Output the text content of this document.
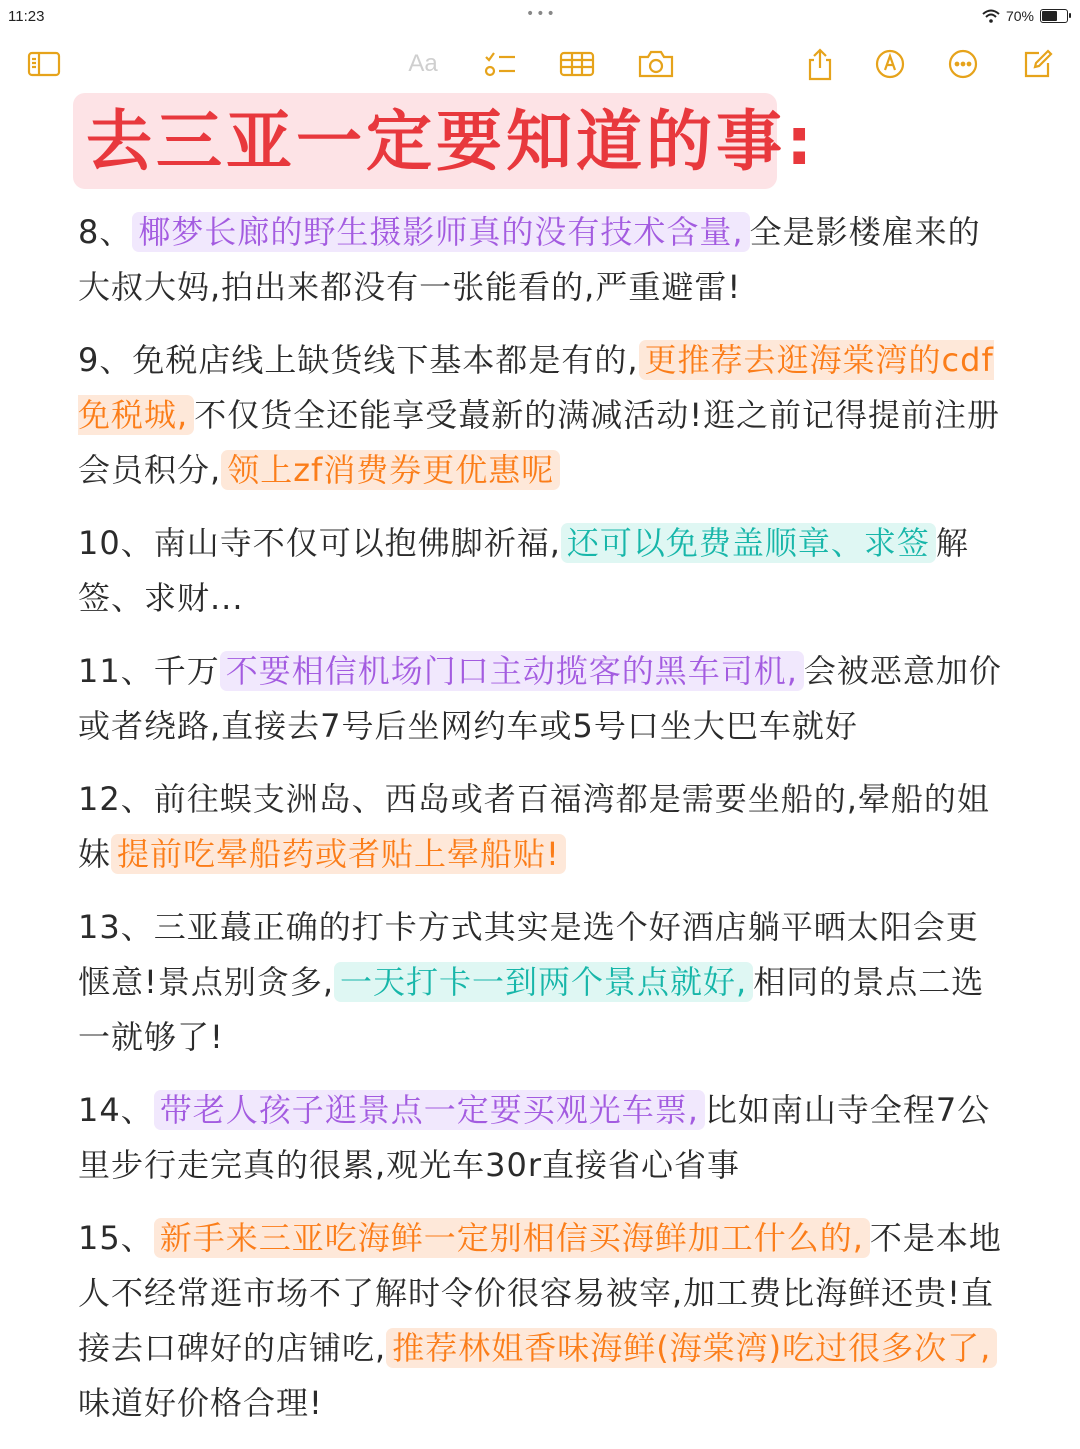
11:23	•••	70%
Aa
去三亚一定要知道的事:

8、 椰梦长廊的野生摄影师真的没有技术含量, 全是影楼雇来的大叔大妈,拍出来都没有一张能看的,严重避雷!

9、免税店线上缺货线下基本都是有的, 更推荐去逛海棠湾的cdf免税城, 不仅货全还能享受蕞新的满减活动!逛之前记得提前注册会员积分, 领上zf消费券更优惠呢

10、南山寺不仅可以抱佛脚祈福, 还可以免费盖顺章、求签 解签、求财...

11、千万 不要相信机场门口主动揽客的黑车司机, 会被恶意加价或者绕路,直接去7号后坐网约车或5号口坐大巴车就好

12、前往蜈支洲岛、西岛或者百福湾都是需要坐船的,晕船的姐妹 提前吃晕船药或者贴上晕船贴!

13、三亚蕞正确的打卡方式其实是选个好酒店躺平晒太阳会更惬意!景点别贪多, 一天打卡一到两个景点就好, 相同的景点二选一就够了!

14、 带老人孩子逛景点一定要买观光车票, 比如南山寺全程7公里步行走完真的很累,观光车30r直接省心省事

15、 新手来三亚吃海鲜一定别相信买海鲜加工什么的, 不是本地人不经常逛市场不了解时令价很容易被宰,加工费比海鲜还贵!直接去口碑好的店铺吃, 推荐林姐香味海鲜(海棠湾)吃过很多次了,味道好价格合理!
